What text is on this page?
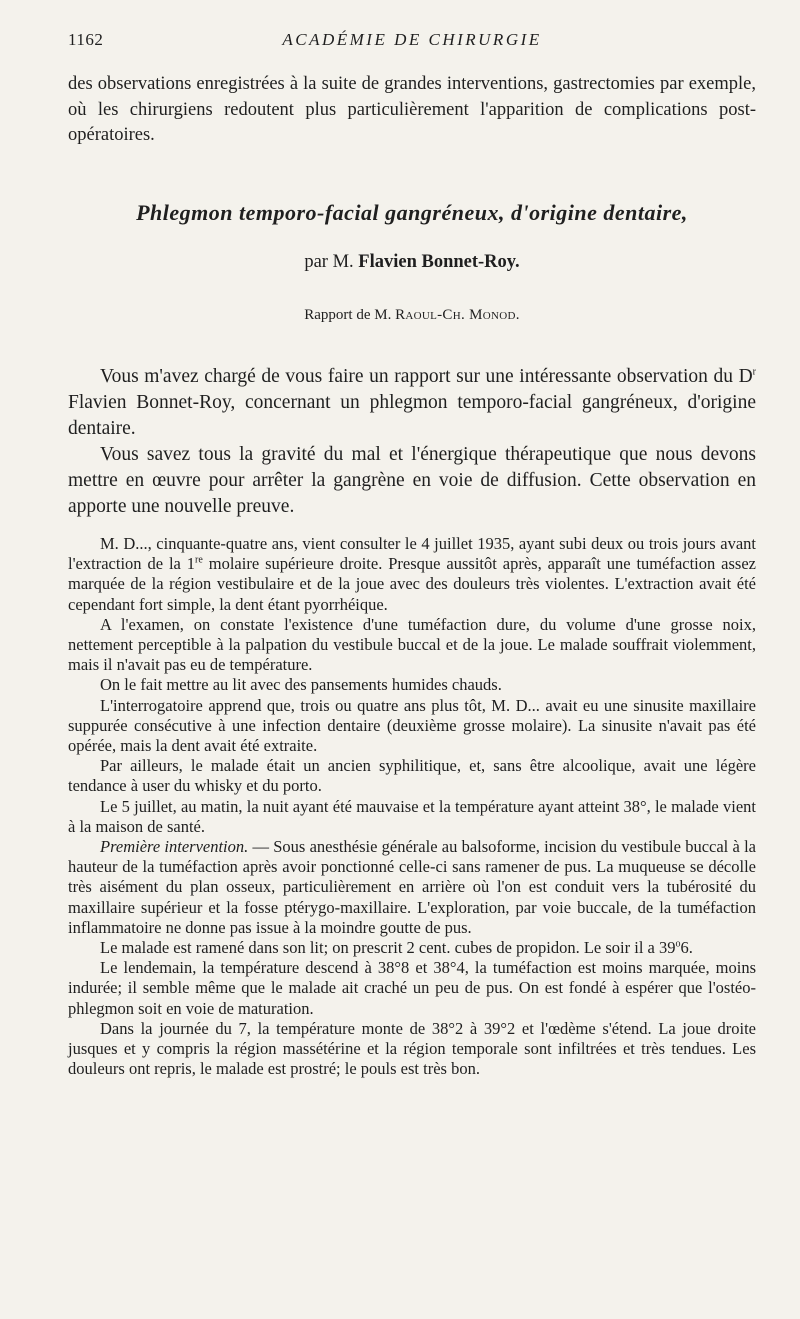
1162	ACADÉMIE DE CHIRURGIE

des observations enregistrées à la suite de grandes interventions, gastrectomies par exemple, où les chirurgiens redoutent plus particulièrement l'apparition de complications post-opératoires.

Phlegmon temporo-facial gangréneux, d'origine dentaire,

par M. Flavien Bonnet-Roy.

Rapport de M. Raoul-Ch. Monod.

Vous m'avez chargé de vous faire un rapport sur une intéressante observation du $D^r$ Flavien Bonnet-Roy, concernant un phlegmon temporo-facial gangréneux, d'origine dentaire.

Vous savez tous la gravité du mal et l'énergique thérapeutique que nous devons mettre en œuvre pour arrêter la gangrène en voie de diffusion. Cette observation en apporte une nouvelle preuve.

M. D..., cinquante-quatre ans, vient consulter le 4 juillet 1935, ayant subi deux ou trois jours avant l'extraction de la 1re molaire supérieure droite. Presque aussitôt après, apparaît une tuméfaction assez marquée de la région vestibulaire et de la joue avec des douleurs très violentes. L'extraction avait été cependant fort simple, la dent étant pyorrhéique.

A l'examen, on constate l'existence d'une tuméfaction dure, du volume d'une grosse noix, nettement perceptible à la palpation du vestibule buccal et de la joue. Le malade souffrait violemment, mais il n'avait pas eu de température.

On le fait mettre au lit avec des pansements humides chauds.

L'interrogatoire apprend que, trois ou quatre ans plus tôt, M. D... avait eu une sinusite maxillaire suppurée consécutive à une infection dentaire (deuxième grosse molaire). La sinusite n'avait pas été opérée, mais la dent avait été extraite.

Par ailleurs, le malade était un ancien syphilitique, et, sans être alcoolique, avait une légère tendance à user du whisky et du porto.

Le 5 juillet, au matin, la nuit ayant été mauvaise et la température ayant atteint 38°, le malade vient à la maison de santé.

Première intervention. — Sous anesthésie générale au balsoforme, incision du vestibule buccal à la hauteur de la tuméfaction après avoir ponctionné celle-ci sans ramener de pus. La muqueuse se décolle très aisément du plan osseux, particulièrement en arrière où l'on est conduit vers la tubérosité du maxillaire supérieur et la fosse ptérygo-maxillaire. L'exploration, par voie buccale, de la tuméfaction inflammatoire ne donne pas issue à la moindre goutte de pus.

Le malade est ramené dans son lit; on prescrit 2 cent. cubes de propidon. Le soir il a 39$^o$6.

Le lendemain, la température descend à 38°8 et 38°4, la tuméfaction est moins marquée, moins indurée; il semble même que le malade ait craché un peu de pus. On est fondé à espérer que l'ostéo-phlegmon soit en voie de maturation.

Dans la journée du 7, la température monte de 38°2 à 39°2 et l'œdème s'étend. La joue droite jusques et y compris la région massétérine et la région temporale sont infiltrées et très tendues. Les douleurs ont repris, le malade est prostré; le pouls est très bon.
